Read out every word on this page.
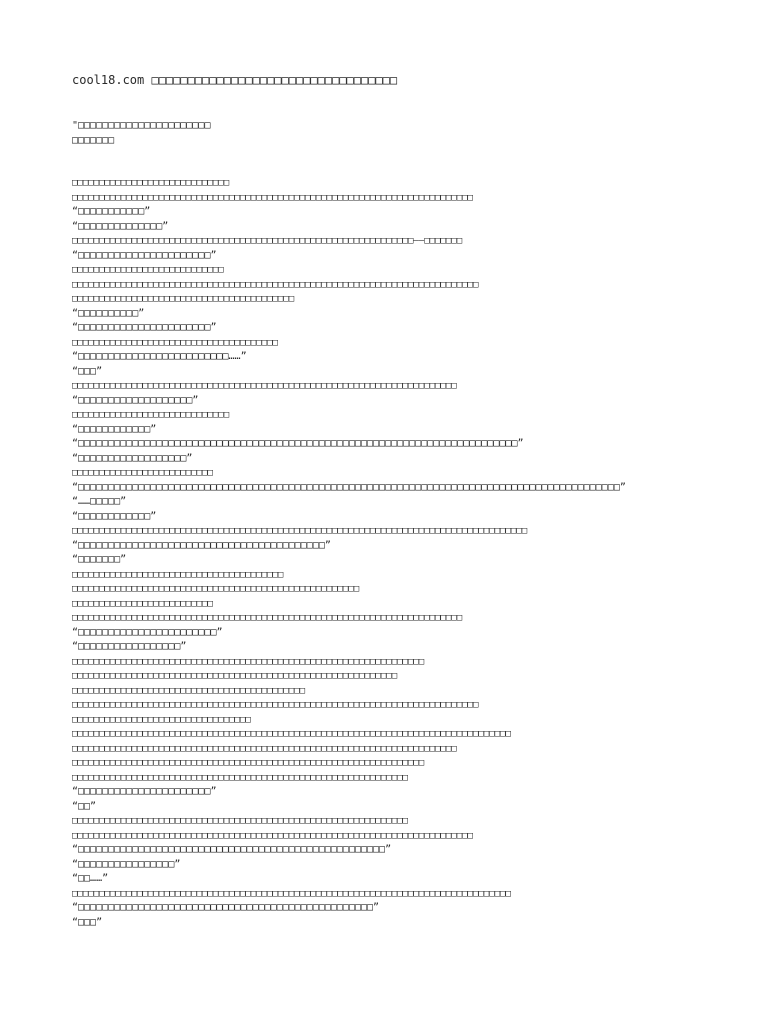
cool18.com □□□□□□□□□□□□□□□□□□□□□□□□□□□□□□□□□□
"□□□□□□□□□□□□□□□□□□□□□□
□□□□□□□
□□□□□□□□□□□□□□□□□□□□□□□□□□□□□
□□□□□□□□□□□□□□□□□□□□□□□□□□□□□□□□□□□□□□□□□□□□□□□□□□□□□□□□□□□□□□□□□□□□□□□□□□
“□□□□□□□□□□□”
“□□□□□□□□□□□□□□”
□□□□□□□□□□□□□□□□□□□□□□□□□□□□□□□□□□□□□□□□□□□□□□□□□□□□□□□□□□□□□□□——□□□□□□□
“□□□□□□□□□□□□□□□□□□□□□□”
□□□□□□□□□□□□□□□□□□□□□□□□□□□□
□□□□□□□□□□□□□□□□□□□□□□□□□□□□□□□□□□□□□□□□□□□□□□□□□□□□□□□□□□□□□□□□□□□□□□□□□□□
□□□□□□□□□□□□□□□□□□□□□□□□□□□□□□□□□□□□□□□□□
“□□□□□□□□□□”
“□□□□□□□□□□□□□□□□□□□□□□”
□□□□□□□□□□□□□□□□□□□□□□□□□□□□□□□□□□□□□□
“□□□□□□□□□□□□□□□□□□□□□□□□□……”
“□□□”
□□□□□□□□□□□□□□□□□□□□□□□□□□□□□□□□□□□□□□□□□□□□□□□□□□□□□□□□□□□□□□□□□□□□□□□
“□□□□□□□□□□□□□□□□□□□”
□□□□□□□□□□□□□□□□□□□□□□□□□□□□□
“□□□□□□□□□□□□”
“□□□□□□□□□□□□□□□□□□□□□□□□□□□□□□□□□□□□□□□□□□□□□□□□□□□□□□□□□□□□□□□□□□□□□□□□□”
“□□□□□□□□□□□□□□□□□□”
□□□□□□□□□□□□□□□□□□□□□□□□□□
“□□□□□□□□□□□□□□□□□□□□□□□□□□□□□□□□□□□□□□□□□□□□□□□□□□□□□□□□□□□□□□□□□□□□□□□□□□□□□□□□□□□□□□□□□□”
“……□□□□□”
“□□□□□□□□□□□□”
□□□□□□□□□□□□□□□□□□□□□□□□□□□□□□□□□□□□□□□□□□□□□□□□□□□□□□□□□□□□□□□□□□□□□□□□□□□□□□□□□□□□
“□□□□□□□□□□□□□□□□□□□□□□□□□□□□□□□□□□□□□□□□□”
“□□□□□□□”
□□□□□□□□□□□□□□□□□□□□□□□□□□□□□□□□□□□□□□□
□□□□□□□□□□□□□□□□□□□□□□□□□□□□□□□□□□□□□□□□□□□□□□□□□□□□□
□□□□□□□□□□□□□□□□□□□□□□□□□□
□□□□□□□□□□□□□□□□□□□□□□□□□□□□□□□□□□□□□□□□□□□□□□□□□□□□□□□□□□□□□□□□□□□□□□□□
“□□□□□□□□□□□□□□□□□□□□□□□”
“□□□□□□□□□□□□□□□□□”
□□□□□□□□□□□□□□□□□□□□□□□□□□□□□□□□□□□□□□□□□□□□□□□□□□□□□□□□□□□□□□□□□
□□□□□□□□□□□□□□□□□□□□□□□□□□□□□□□□□□□□□□□□□□□□□□□□□□□□□□□□□□□□
□□□□□□□□□□□□□□□□□□□□□□□□□□□□□□□□□□□□□□□□□□□
□□□□□□□□□□□□□□□□□□□□□□□□□□□□□□□□□□□□□□□□□□□□□□□□□□□□□□□□□□□□□□□□□□□□□□□□□□□
□□□□□□□□□□□□□□□□□□□□□□□□□□□□□□□□□
□□□□□□□□□□□□□□□□□□□□□□□□□□□□□□□□□□□□□□□□□□□□□□□□□□□□□□□□□□□□□□□□□□□□□□□□□□□□□□□□□
□□□□□□□□□□□□□□□□□□□□□□□□□□□□□□□□□□□□□□□□□□□□□□□□□□□□□□□□□□□□□□□□□□□□□□□
□□□□□□□□□□□□□□□□□□□□□□□□□□□□□□□□□□□□□□□□□□□□□□□□□□□□□□□□□□□□□□□□□
□□□□□□□□□□□□□□□□□□□□□□□□□□□□□□□□□□□□□□□□□□□□□□□□□□□□□□□□□□□□□□
“□□□□□□□□□□□□□□□□□□□□□□”
“□□”
□□□□□□□□□□□□□□□□□□□□□□□□□□□□□□□□□□□□□□□□□□□□□□□□□□□□□□□□□□□□□□
□□□□□□□□□□□□□□□□□□□□□□□□□□□□□□□□□□□□□□□□□□□□□□□□□□□□□□□□□□□□□□□□□□□□□□□□□□
“□□□□□□□□□□□□□□□□□□□□□□□□□□□□□□□□□□□□□□□□□□□□□□□□□□□”
“□□□□□□□□□□□□□□□□”
“□□……”
□□□□□□□□□□□□□□□□□□□□□□□□□□□□□□□□□□□□□□□□□□□□□□□□□□□□□□□□□□□□□□□□□□□□□□□□□□□□□□□□□
“□□□□□□□□□□□□□□□□□□□□□□□□□□□□□□□□□□□□□□□□□□□□□□□□□”
“□□□”
